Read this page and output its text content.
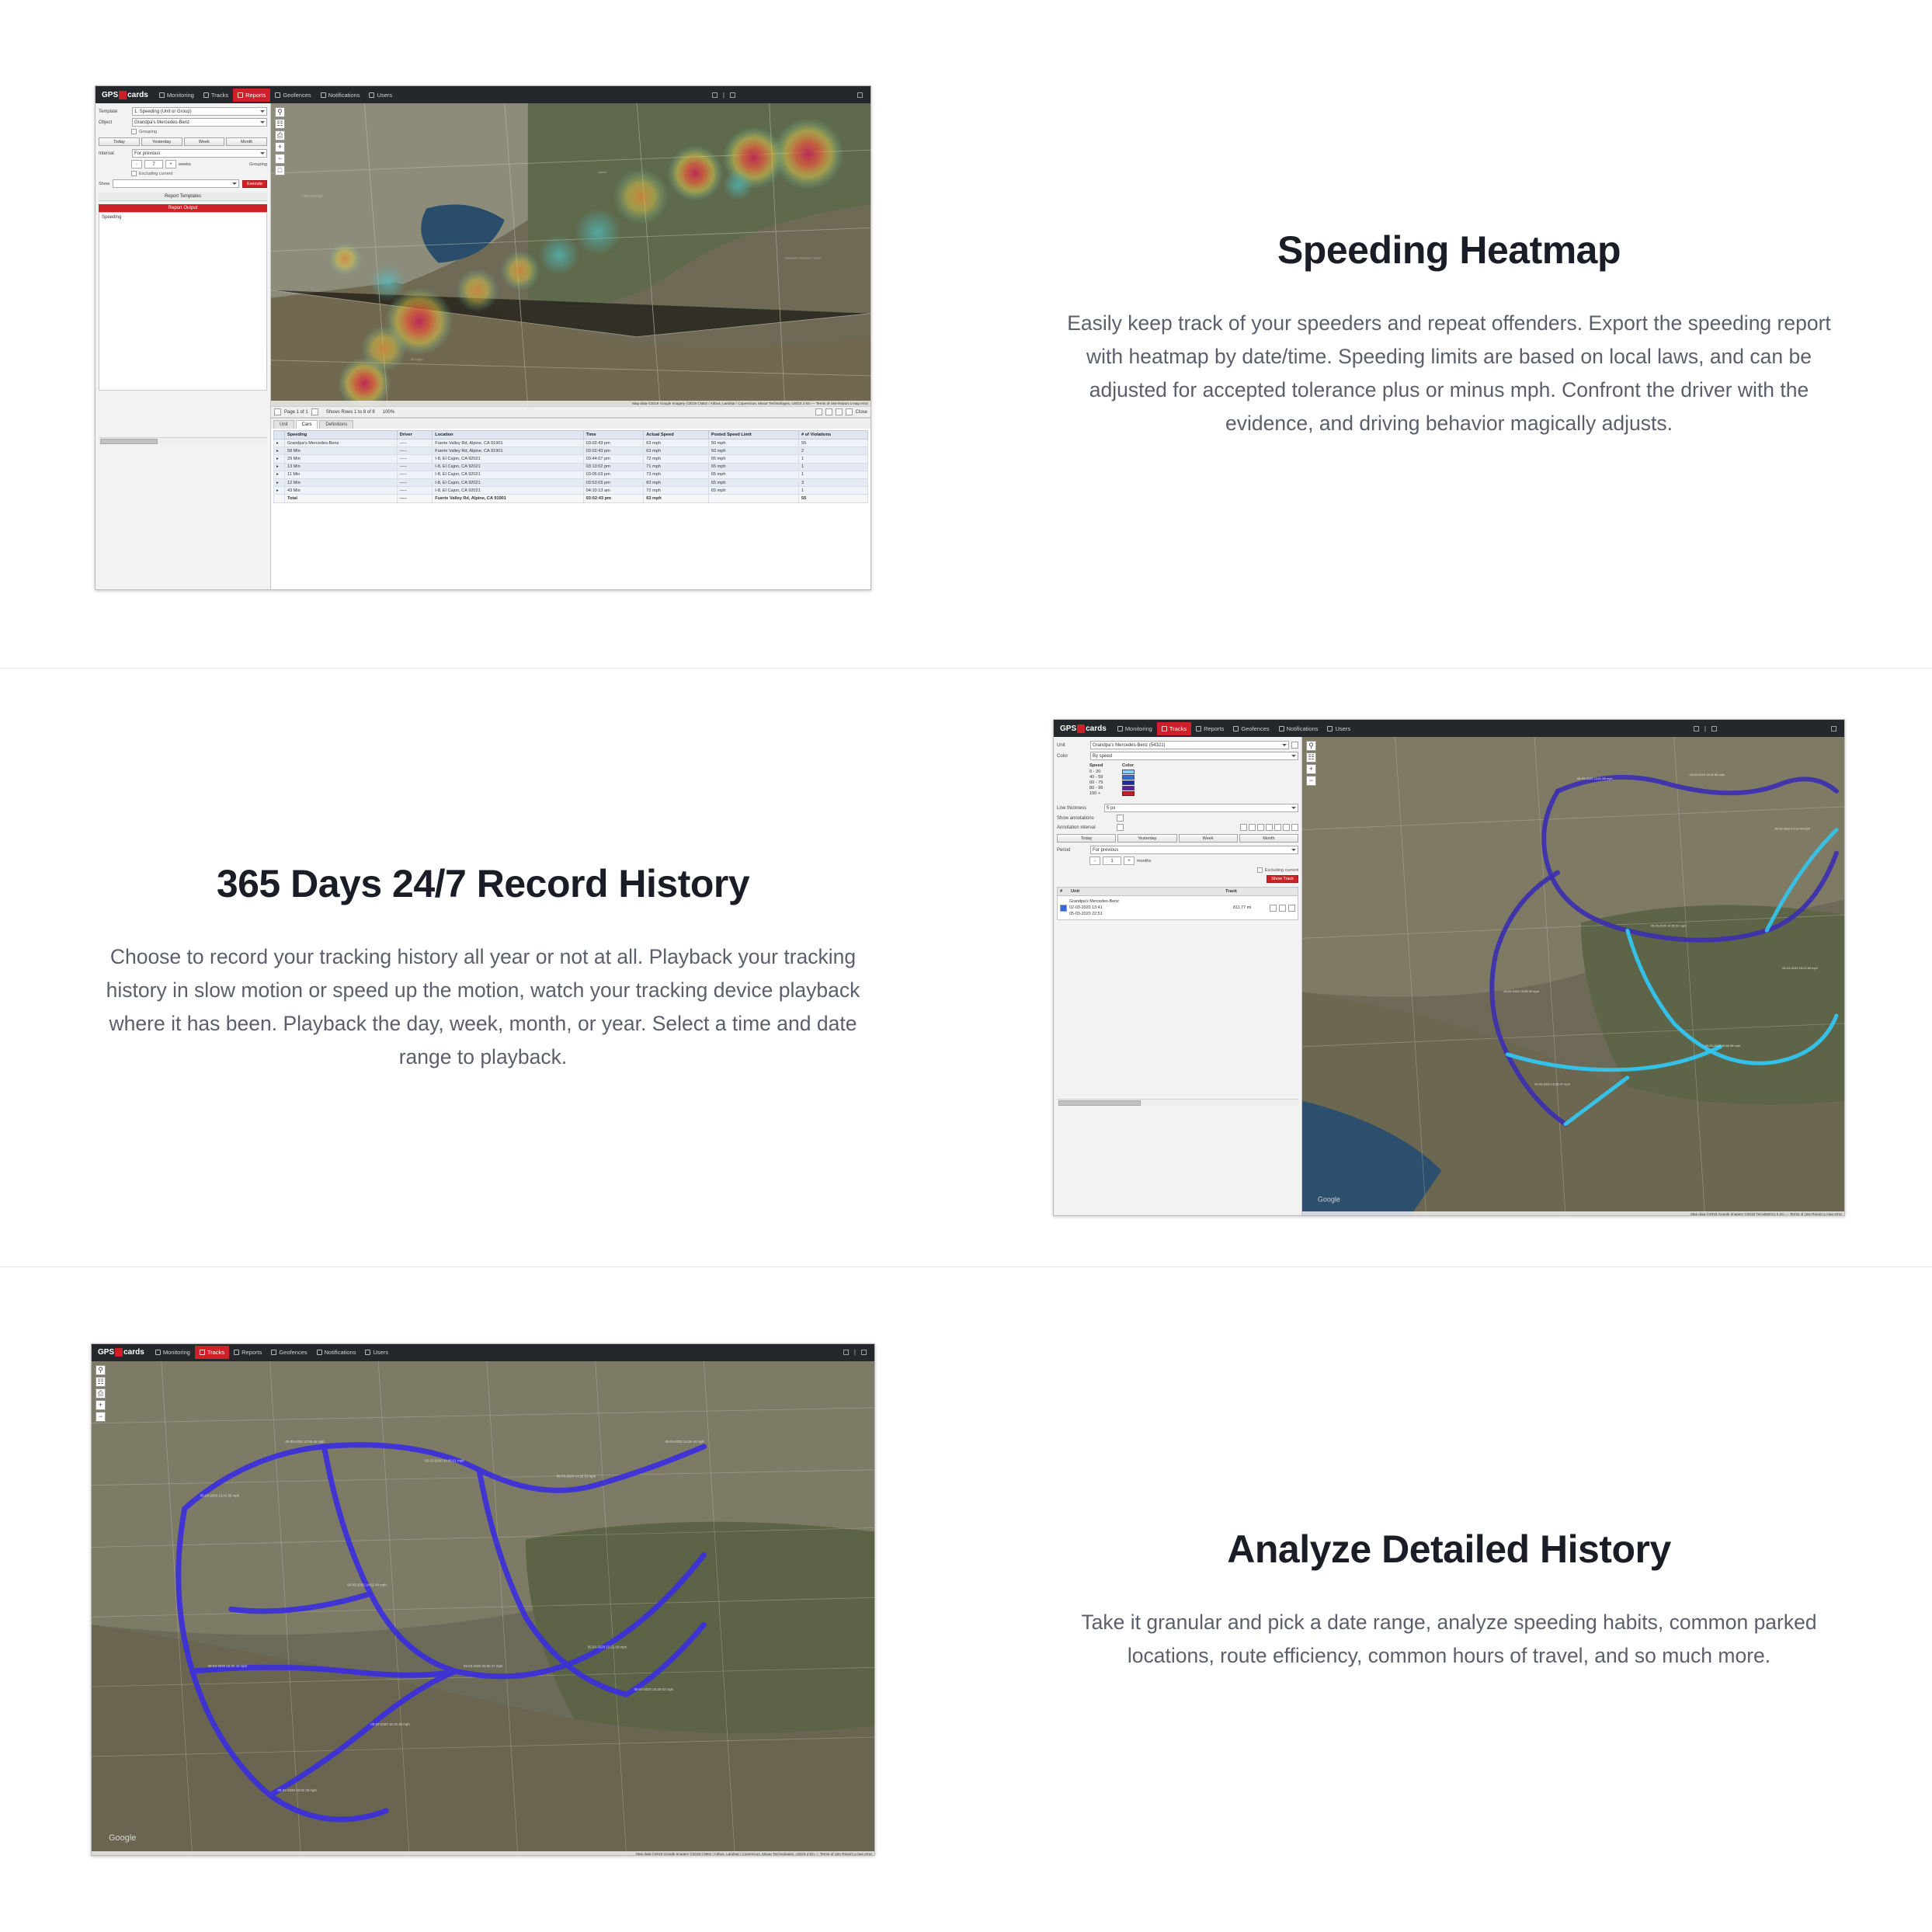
GPS cards	Monitoring	Tracks	Reports	Geofences	Notifications	Users	|
Template	1. Speeding (Unit or Group)
Object	Grandpa's Mercedes-Benz
Grouping
Today	Yesterday	Week	Month
Interval	For previous
-	7	+	weeks	Grouping
Excluding current
Show	Execute
Report Templates
Report Output
Speeding
Lake Jennings
Alpine
Cleveland National Forest
El Cajon
⚲
☷
⎙
+
−
□
Map data ©2019 Google Imagery ©2019 CNES / Airbus, Landsat / Copernicus, Maxar Technologies, USGS 2 km — Terms of Use Report a map error
Page 1 of 1	Shows Rows 1 to 8 of 8 100%	Close
Unit	Cars	Definitions
	Speeding	Driver	Location	Time	Actual Speed	Posted Speed Limit	# of Violations
▸	Grandpa's Mercedes-Benz	-----	Fuerte Valley Rd, Alpine, CA 91901	03:02:43 pm	63 mph	50 mph	55
▸	58 Min	-----	Fuerte Valley Rd, Alpine, CA 91901	03:02:43 pm	63 mph	50 mph	2
▸	29 Min	-----	I-8, El Cajon, CA 92021	03:44:07 pm	72 mph	65 mph	1
▸	13 Min	-----	I-8, El Cajon, CA 92021	03:13:02 pm	71 mph	65 mph	1
▸	11 Min	-----	I-8, El Cajon, CA 92021	03:05:03 pm	73 mph	65 mph	1
▸	12 Min	-----	I-8, El Cajon, CA 92021	03:53:03 pm	83 mph	65 mph	3
▸	43 Min	-----	I-8, El Cajon, CA 92021	04:10:13 am	72 mph	65 mph	1
	Total	-----	Fuerte Valley Rd, Alpine, CA 91901	03:02:43 pm	63 mph		55
Speeding Heatmap

Easily keep track of your speeders and repeat offenders. Export the speeding report with heatmap by date/time. Speeding limits are based on local laws, and can be adjusted for accepted tolerance plus or minus mph. Confront the driver with the evidence, and driving behavior magically adjusts.

365 Days 24/7 Record History

Choose to record your tracking history all year or not at all. Playback your tracking history in slow motion or speed up the motion, watch your tracking device playback where it has been. Playback the day, week, month, or year. Select a time and date range to playback.

GPS cards	Monitoring	Tracks	Reports	Geofences	Notifications	Users	|
Unit	Grandpa's Mercedes-Benz (54321)
Color	By speed
Speed	Color
0 - 20
40 - 59
60 - 79
80 - 99
100 +
Line thickness	5 px
Show annotations
Annotation interval
Today	Yesterday	Week	Month
Period	For previous
-	1	+	months
Excluding current
Show Track
#	Unit	Track
Grandpa's Mercedes-Benz
02-03-2020 13:41
05-03-2020 22:51
811.77 mi
05-03-2020 13:41 58 mph
05-03-2020 13:52 62 mph
05-03-2020 14:10 44 mph
05-03-2020 14:35 51 mph
05-03-2020 15:05 39 mph
05-03-2020 15:28 47 mph
05-03-2020 15:55 55 mph
05-03-2020 16:20 60 mph
Google
⚲
☷
+
−
Map data ©2019 Google Imagery ©2019 TerraMetrics 5 km — Terms of Use Report a map error
GPS cards	Monitoring	Tracks	Reports	Geofences	Notifications	Users	|
05-03-2020 13:41 58 mph
05-03-2020 13:55 46 mph
05-03-2020 14:08 61 mph
05-03-2020 14:22 53 mph
05-03-2020 14:36 40 mph
05-03-2020 14:52 44 mph
05-03-2020 15:06 37 mph
05-03-2020 15:21 59 mph
05-03-2020 15:40 42 mph
05-03-2020 16:02 35 mph
05-03-2020 16:18 48 mph
05-03-2020 16:35 52 mph
Google
⚲
☷
⎙
+
−
Map data ©2019 Google Imagery ©2019 CNES / Airbus, Landsat / Copernicus, Maxar Technologies, USGS 2 km — Terms of Use Report a map error
Analyze Detailed History

Take it granular and pick a date range, analyze speeding habits, common parked locations, route efficiency, common hours of travel, and so much more.
